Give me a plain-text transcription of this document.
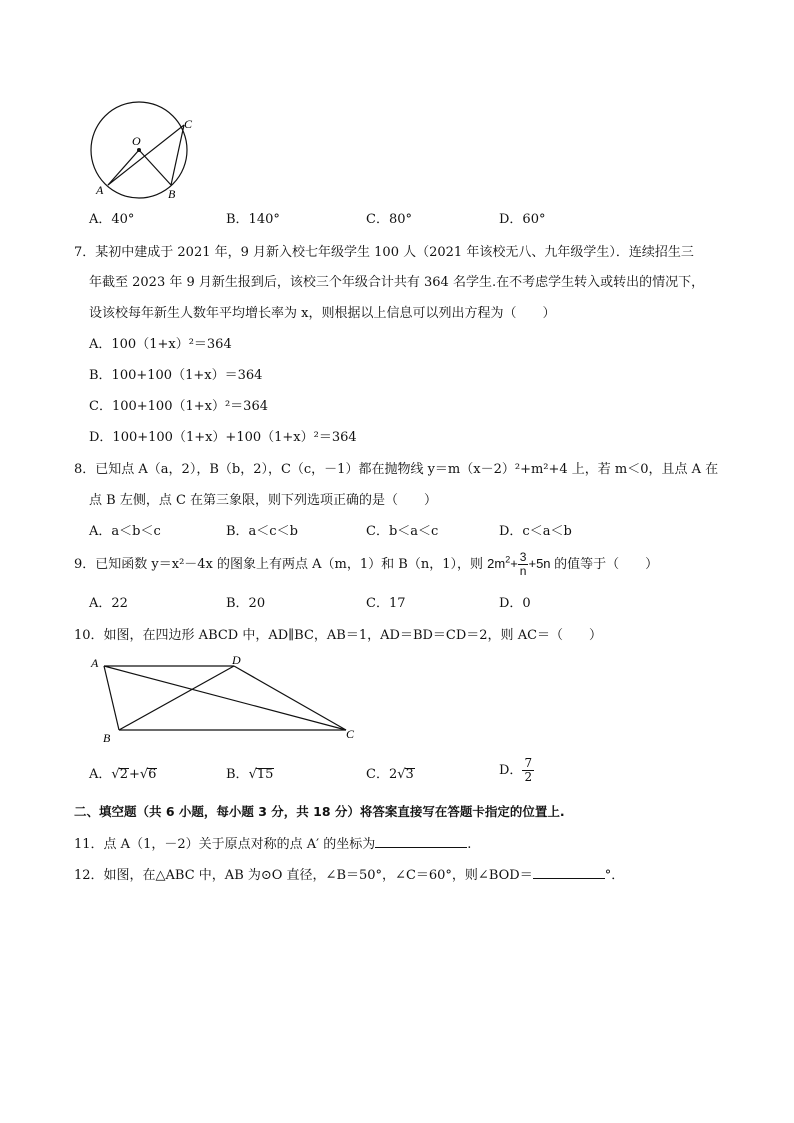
O
A	B
C
A．40°	B．140°	C．80°	D．60°
7．某初中建成于 2021 年，9 月新入校七年级学生 100 人（2021 年该校无八、九年级学生）．连续招生三
年截至 2023 年 9 月新生报到后，该校三个年级合计共有 364 名学生.在不考虑学生转入或转出的情况下，
设该校每年新生人数年平均增长率为 x，则根据以上信息可以列出方程为（　　）
A．100（1+x）²＝364
B．100+100（1+x）＝364
C．100+100（1+x）²＝364
D．100+100（1+x）+100（1+x）²＝364
8．已知点 A（a，2），B（b，2），C（c，－1）都在抛物线 y＝m（x－2）²+m²+4 上，若 m＜0，且点 A 在
点 B 左侧，点 C 在第三象限，则下列选项正确的是（　　）
A．a＜b＜c	B．a＜c＜b	C．b＜a＜c	D．c＜a＜b
9．已知函数 y＝x²－4x 的图象上有两点 A（m，1）和 B（n，1），则 $2m^2+ \frac{3}{n} +5n$ 的值等于（　　）
A．22	B．20	C．17	D．0
10．如图，在四边形 ABCD 中，AD∥BC，AB＝1，AD＝BD＝CD＝2，则 AC＝（　　）
A	D
B	C
A．√2+√6	B．√15	C．2√3	D． $\frac{7}{2}$
二、填空题（共 6 小题，每小题 3 分，共 18 分）将答案直接写在答题卡指定的位置上.
11．点 A（1，－2）关于原点对称的点 A′ 的坐标为	.
12．如图，在△ABC 中，AB 为⊙O 直径，∠B＝50°，∠C＝60°，则∠BOD＝	°．
